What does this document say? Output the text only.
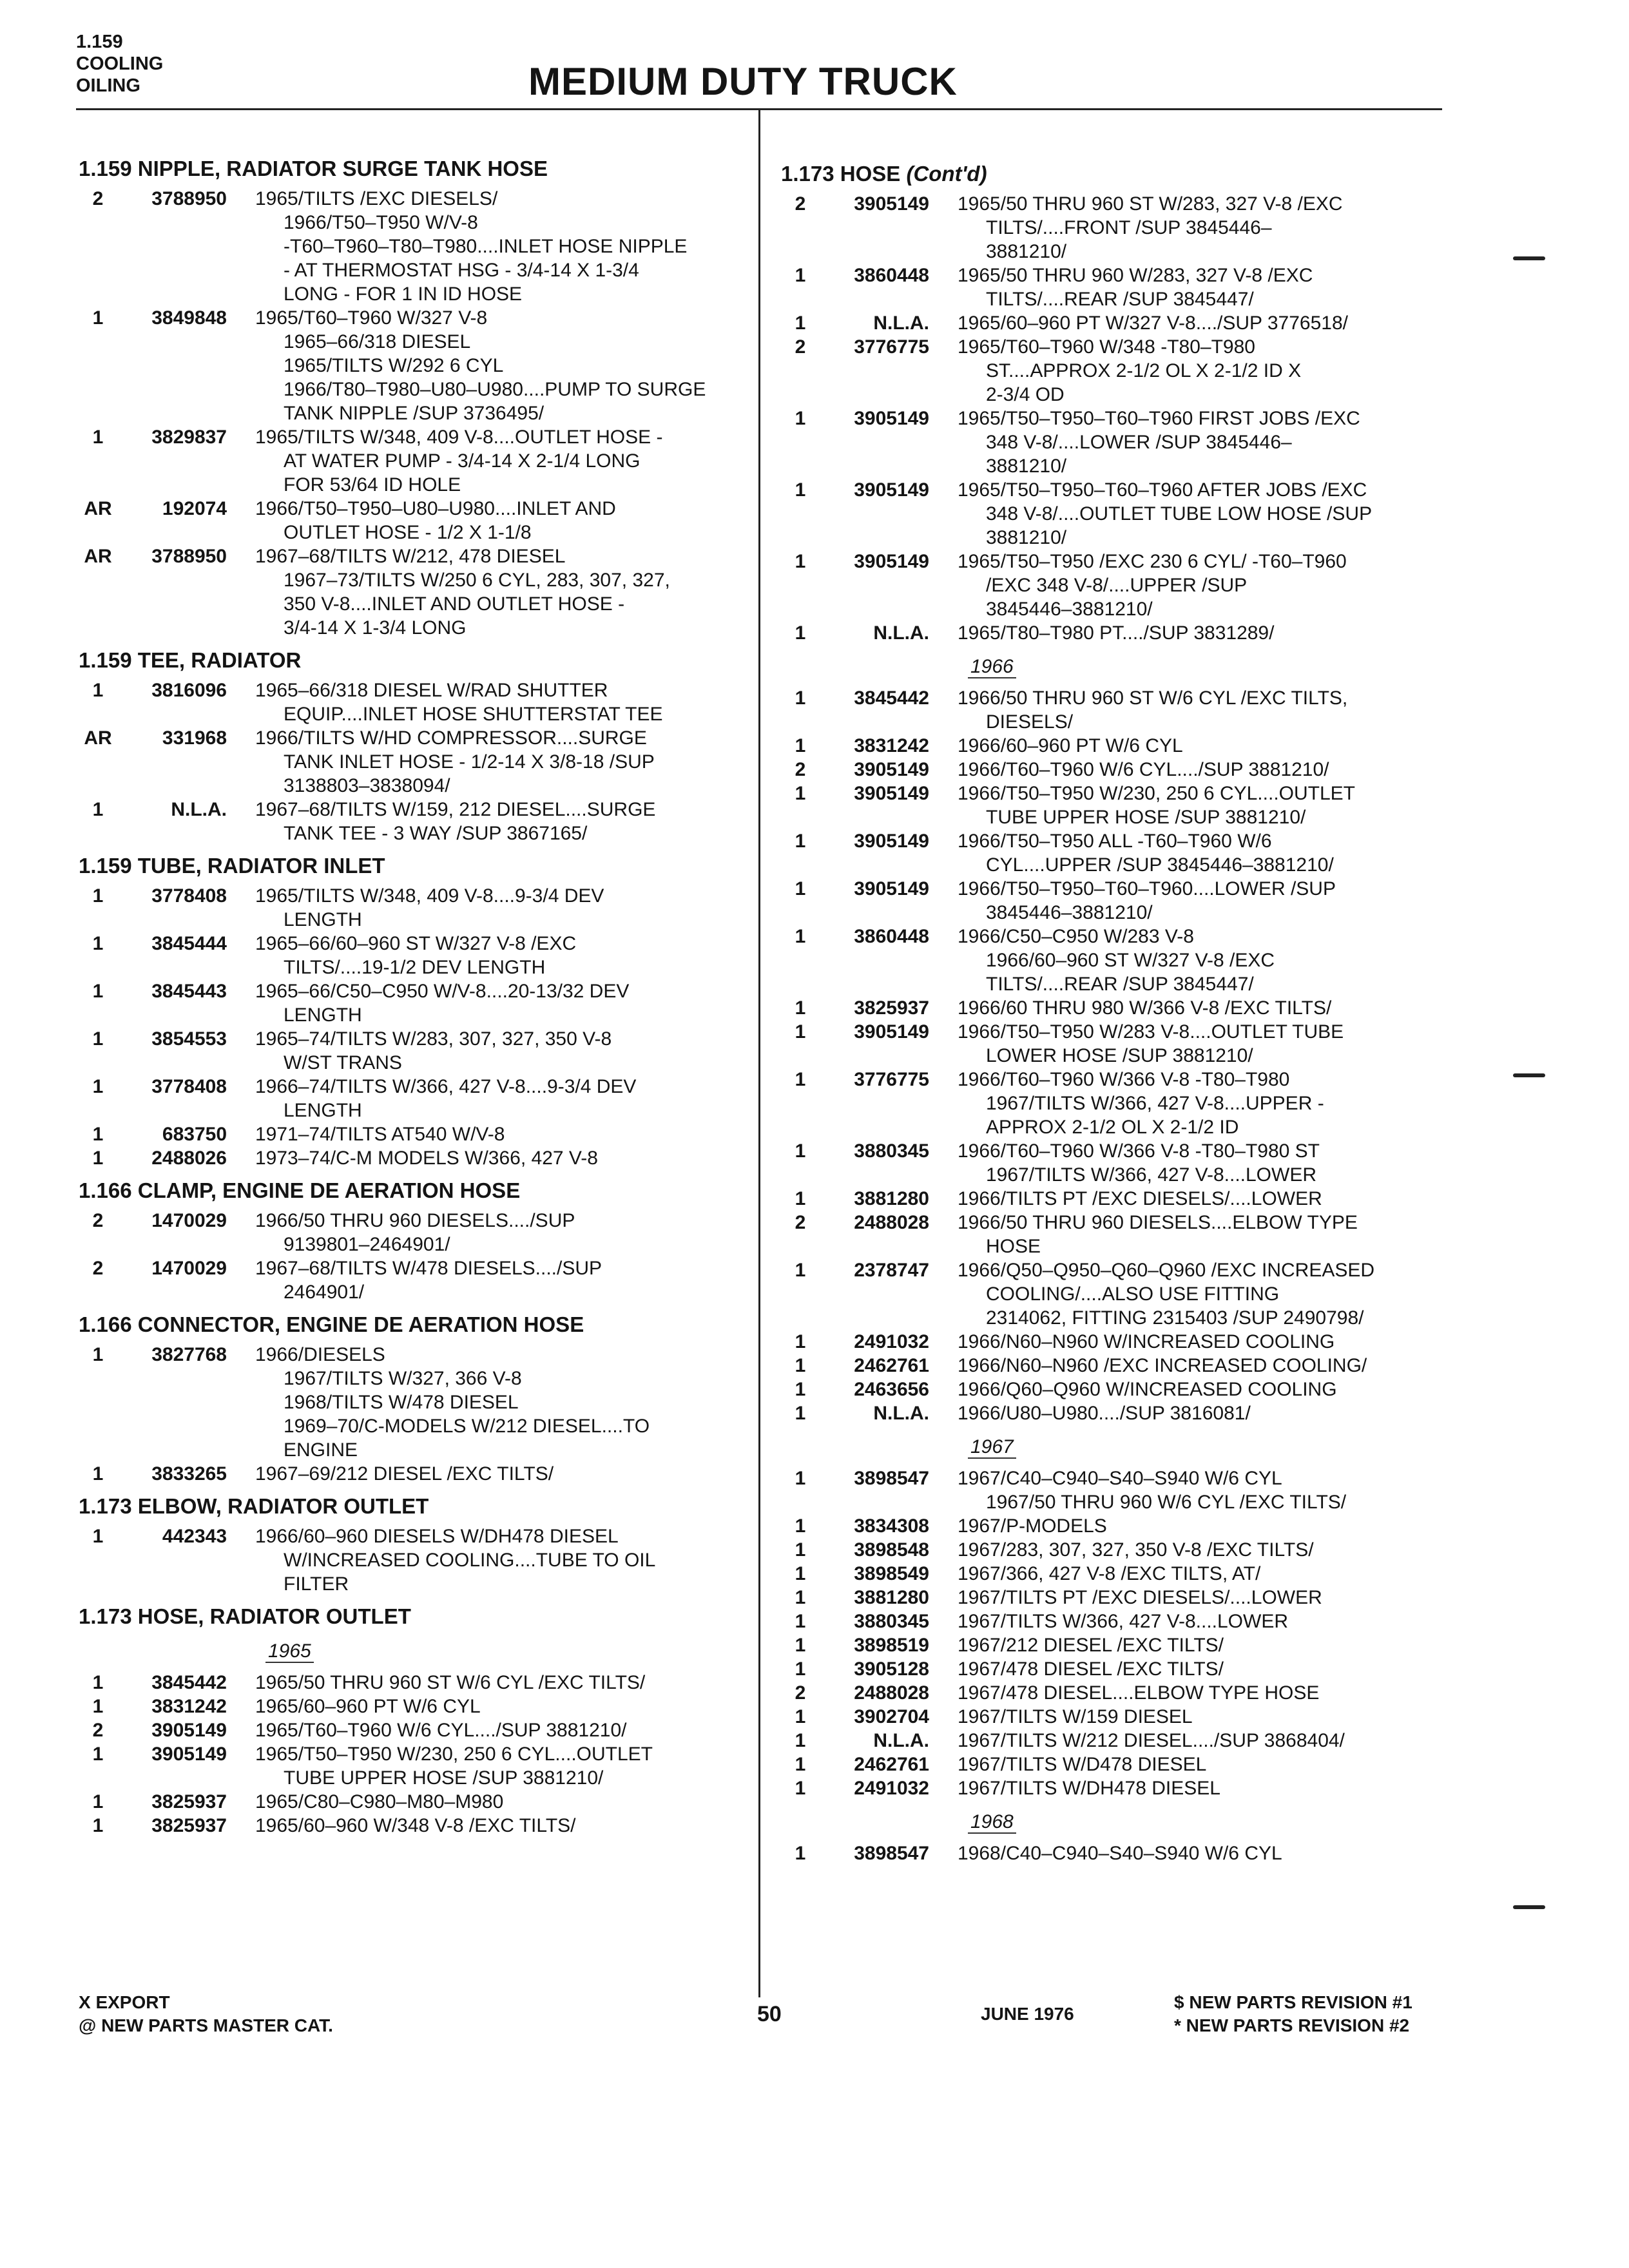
1.159
COOLING
OILING	MEDIUM DUTY TRUCK
1.159 NIPPLE, RADIATOR SURGE TANK HOSE
2	3788950	1965/TILTS /EXC DIESELS/
1966/T50–T950 W/V-8
-T60–T960–T80–T980....INLET HOSE NIPPLE
- AT THERMOSTAT HSG - 3/4-14 X 1-3/4
LONG - FOR 1 IN ID HOSE
1	3849848	1965/T60–T960 W/327 V-8
1965–66/318 DIESEL
1965/TILTS W/292 6 CYL
1966/T80–T980–U80–U980....PUMP TO SURGE
TANK NIPPLE /SUP 3736495/
1	3829837	1965/TILTS W/348, 409 V-8....OUTLET HOSE -
AT WATER PUMP - 3/4-14 X 2-1/4 LONG
FOR 53/64 ID HOLE
AR	192074	1966/T50–T950–U80–U980....INLET AND
OUTLET HOSE - 1/2 X 1-1/8
AR	3788950	1967–68/TILTS W/212, 478 DIESEL
1967–73/TILTS W/250 6 CYL, 283, 307, 327,
350 V-8....INLET AND OUTLET HOSE -
3/4-14 X 1-3/4 LONG
1.159 TEE, RADIATOR
1	3816096	1965–66/318 DIESEL W/RAD SHUTTER
EQUIP....INLET HOSE SHUTTERSTAT TEE
AR	331968	1966/TILTS W/HD COMPRESSOR....SURGE
TANK INLET HOSE - 1/2-14 X 3/8-18 /SUP
3138803–3838094/
1	N.L.A.	1967–68/TILTS W/159, 212 DIESEL....SURGE
TANK TEE - 3 WAY /SUP 3867165/
1.159 TUBE, RADIATOR INLET
1	3778408	1965/TILTS W/348, 409 V-8....9-3/4 DEV
LENGTH
1	3845444	1965–66/60–960 ST W/327 V-8 /EXC
TILTS/....19-1/2 DEV LENGTH
1	3845443	1965–66/C50–C950 W/V-8....20-13/32 DEV
LENGTH
1	3854553	1965–74/TILTS W/283, 307, 327, 350 V-8
W/ST TRANS
1	3778408	1966–74/TILTS W/366, 427 V-8....9-3/4 DEV
LENGTH
1	683750	1971–74/TILTS AT540 W/V-8
1	2488026	1973–74/C-M MODELS W/366, 427 V-8
1.166 CLAMP, ENGINE DE AERATION HOSE
2	1470029	1966/50 THRU 960 DIESELS..../SUP
9139801–2464901/
2	1470029	1967–68/TILTS W/478 DIESELS..../SUP
2464901/
1.166 CONNECTOR, ENGINE DE AERATION HOSE
1	3827768	1966/DIESELS
1967/TILTS W/327, 366 V-8
1968/TILTS W/478 DIESEL
1969–70/C-MODELS W/212 DIESEL....TO
ENGINE
1	3833265	1967–69/212 DIESEL /EXC TILTS/
1.173 ELBOW, RADIATOR OUTLET
1	442343	1966/60–960 DIESELS W/DH478 DIESEL
W/INCREASED COOLING....TUBE TO OIL
FILTER
1.173 HOSE, RADIATOR OUTLET
1965
1	3845442	1965/50 THRU 960 ST W/6 CYL /EXC TILTS/
1	3831242	1965/60–960 PT W/6 CYL
2	3905149	1965/T60–T960 W/6 CYL..../SUP 3881210/
1	3905149	1965/T50–T950 W/230, 250 6 CYL....OUTLET
TUBE UPPER HOSE /SUP 3881210/
1	3825937	1965/C80–C980–M80–M980
1	3825937	1965/60–960 W/348 V-8 /EXC TILTS/
1.173 HOSE (Cont'd)
2	3905149	1965/50 THRU 960 ST W/283, 327 V-8 /EXC
TILTS/....FRONT /SUP 3845446–
3881210/
1	3860448	1965/50 THRU 960 W/283, 327 V-8 /EXC
TILTS/....REAR /SUP 3845447/
1	N.L.A.	1965/60–960 PT W/327 V-8..../SUP 3776518/
2	3776775	1965/T60–T960 W/348 -T80–T980
ST....APPROX 2-1/2 OL X 2-1/2 ID X
2-3/4 OD
1	3905149	1965/T50–T950–T60–T960 FIRST JOBS /EXC
348 V-8/....LOWER /SUP 3845446–
3881210/
1	3905149	1965/T50–T950–T60–T960 AFTER JOBS /EXC
348 V-8/....OUTLET TUBE LOW HOSE /SUP
3881210/
1	3905149	1965/T50–T950 /EXC 230 6 CYL/ -T60–T960
/EXC 348 V-8/....UPPER /SUP
3845446–3881210/
1	N.L.A.	1965/T80–T980 PT..../SUP 3831289/
1966
1	3845442	1966/50 THRU 960 ST W/6 CYL /EXC TILTS,
DIESELS/
1	3831242	1966/60–960 PT W/6 CYL
2	3905149	1966/T60–T960 W/6 CYL..../SUP 3881210/
1	3905149	1966/T50–T950 W/230, 250 6 CYL....OUTLET
TUBE UPPER HOSE /SUP 3881210/
1	3905149	1966/T50–T950 ALL -T60–T960 W/6
CYL....UPPER /SUP 3845446–3881210/
1	3905149	1966/T50–T950–T60–T960....LOWER /SUP
3845446–3881210/
1	3860448	1966/C50–C950 W/283 V-8
1966/60–960 ST W/327 V-8 /EXC
TILTS/....REAR /SUP 3845447/
1	3825937	1966/60 THRU 980 W/366 V-8 /EXC TILTS/
1	3905149	1966/T50–T950 W/283 V-8....OUTLET TUBE
LOWER HOSE /SUP 3881210/
1	3776775	1966/T60–T960 W/366 V-8 -T80–T980
1967/TILTS W/366, 427 V-8....UPPER -
APPROX 2-1/2 OL X 2-1/2 ID
1	3880345	1966/T60–T960 W/366 V-8 -T80–T980 ST
1967/TILTS W/366, 427 V-8....LOWER
1	3881280	1966/TILTS PT /EXC DIESELS/....LOWER
2	2488028	1966/50 THRU 960 DIESELS....ELBOW TYPE
HOSE
1	2378747	1966/Q50–Q950–Q60–Q960 /EXC INCREASED
COOLING/....ALSO USE FITTING
2314062, FITTING 2315403 /SUP 2490798/
1	2491032	1966/N60–N960 W/INCREASED COOLING
1	2462761	1966/N60–N960 /EXC INCREASED COOLING/
1	2463656	1966/Q60–Q960 W/INCREASED COOLING
1	N.L.A.	1966/U80–U980..../SUP 3816081/
1967
1	3898547	1967/C40–C940–S40–S940 W/6 CYL
1967/50 THRU 960 W/6 CYL /EXC TILTS/
1	3834308	1967/P-MODELS
1	3898548	1967/283, 307, 327, 350 V-8 /EXC TILTS/
1	3898549	1967/366, 427 V-8 /EXC TILTS, AT/
1	3881280	1967/TILTS PT /EXC DIESELS/....LOWER
1	3880345	1967/TILTS W/366, 427 V-8....LOWER
1	3898519	1967/212 DIESEL /EXC TILTS/
1	3905128	1967/478 DIESEL /EXC TILTS/
2	2488028	1967/478 DIESEL....ELBOW TYPE HOSE
1	3902704	1967/TILTS W/159 DIESEL
1	N.L.A.	1967/TILTS W/212 DIESEL..../SUP 3868404/
1	2462761	1967/TILTS W/D478 DIESEL
1	2491032	1967/TILTS W/DH478 DIESEL
1968
1	3898547	1968/C40–C940–S40–S940 W/6 CYL
X EXPORT
@ NEW PARTS MASTER CAT.	50	JUNE 1976
$ NEW PARTS REVISION #1
* NEW PARTS REVISION #2
